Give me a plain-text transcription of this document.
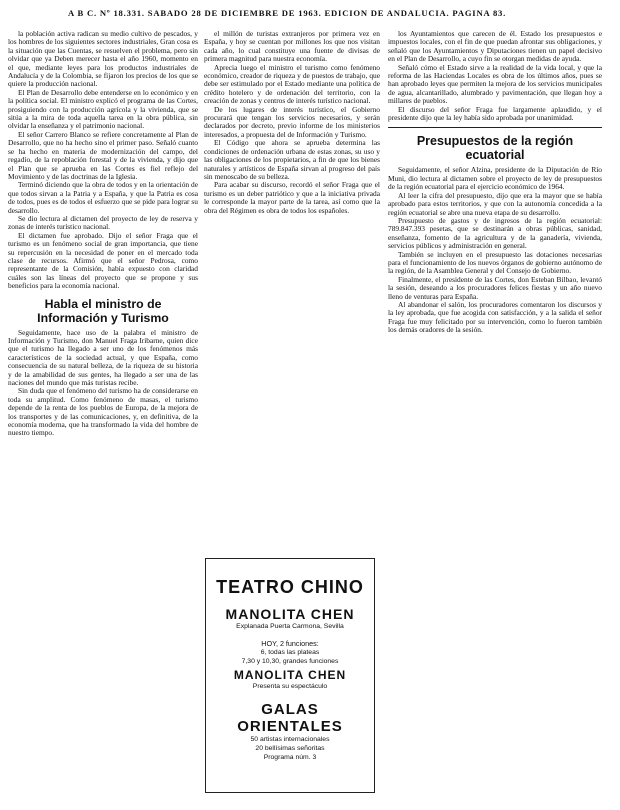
A B C. Nº 18.331. SABADO 28 DE DICIEMBRE DE 1963. EDICION DE ANDALUCIA. PAGINA 83.

la población activa radican su medio cultivo de pescados, y los hombres de los siguientes sectores industriales, Gran cosa es la situación que las Cuentas, se resuelven el problema, pero sin olvidar que ya Deben merecer hasta el año 1960, momento en el que, mediante leyes para los productos industriales de Andalucía y de la Colombia, se fijaron los precios de los que se quiere la producción nacional.

El Plan de Desarrollo debe entenderse en lo económico y en la política social. El ministro explicó el programa de las Cortes, prosiguiendo con la producción agrícola y la vivienda, que se sitúa a la mira de toda aquella tarea en la obra pública, sin olvidar la enseñanza y el patrimonio nacional.

El señor Carrero Blanco se refiere concretamente al Plan de Desarrollo, que no ha hecho sino el primer paso. Señaló cuanto se ha hecho en materia de modernización del campo, del regadío, de la repoblación forestal y de la vivienda, y dijo que el Plan que se aprueba en las Cortes es fiel reflejo del Movimiento y de las doctrinas de la Iglesia.

Terminó diciendo que la obra de todos y en la orientación de que todos sirvan a la Patria y a España, y que la Patria es cosa de todos, pues es de todos el esfuerzo que se pide para lograr su desarrollo.

Se dio lectura al dictamen del proyecto de ley de reserva y zonas de interés turístico nacional.

El dictamen fue aprobado. Dijo el señor Fraga que el turismo es un fenómeno social de gran importancia, que tiene su repercusión en la necesidad de poner en el mercado toda clase de recursos. Afirmó que el señor Pedrosa, como representante de la Comisión, había expuesto con claridad cuáles son las líneas del proyecto que se propone y sus beneficios para la economía nacional.

Habla el ministro de Información y Turismo

Seguidamente, hace uso de la palabra el ministro de Información y Turismo, don Manuel Fraga Iribarne, quien dice que el turismo ha llegado a ser uno de los fenómenos más característicos de la sociedad actual, y que España, como consecuencia de su natural belleza, de la riqueza de su historia y de la amabilidad de sus gentes, ha llegado a ser una de las naciones del mundo que más turistas recibe.

Sin duda que el fenómeno del turismo ha de considerarse en toda su amplitud. Como fenómeno de masas, el turismo depende de la renta de los pueblos de Europa, de la mejora de los transportes y de las comunicaciones, y, en definitiva, de la economía moderna, que ha transformado la vida del hombre de nuestro tiempo.

el millón de turistas extranjeros por primera vez en España, y hoy se cuentan por millones los que nos visitan cada año, lo cual constituye una fuente de divisas de primera magnitud para nuestra economía.

Aprecia luego el ministro el turismo como fenómeno económico, creador de riqueza y de puestos de trabajo, que debe ser estimulado por el Estado mediante una política de crédito hotelero y de ordenación del territorio, con la creación de zonas y centros de interés turístico nacional.

De los lugares de interés turístico, el Gobierno procurará que tengan los servicios necesarios, y serán declarados por decreto, previo informe de los ministerios interesados, a propuesta del de Información y Turismo.

El Código que ahora se aprueba determina las condiciones de ordenación urbana de estas zonas, su uso y las obligaciones de los propietarios, a fin de que los bienes naturales y artísticos de España sirvan al progreso del país sin menoscabo de su belleza.

Para acabar su discurso, recordó el señor Fraga que el turismo es un deber patriótico y que a la iniciativa privada le corresponde la mayor parte de la tarea, así como que la obra del Régimen es obra de todos los españoles.

TEATRO CHINO
MANOLITA CHEN
Explanada Puerta Carmona, Sevilla
HOY, 2 funciones:
6, todas las plateas
7,30 y 10,30, grandes funciones
MANOLITA CHEN
Presenta su espectáculo
GALAS ORIENTALES
50 artistas internacionales
20 bellísimas señoritas
Programa núm. 3

los Ayuntamientos que carecen de él. Estado los presupuestos e impuestos locales, con el fin de que puedan afrontar sus obligaciones, y señaló que los Ayuntamientos y Diputaciones tienen un papel decisivo en el Plan de Desarrollo, a cuyo fin se otorgan medidas de ayuda.

Señaló cómo el Estado sirve a la realidad de la vida local, y que la reforma de las Haciendas Locales es obra de los últimos años, pues se han aprobado leyes que permiten la mejora de los servicios municipales de agua, alcantarillado, alumbrado y pavimentación, que llegan hoy a millares de pueblos.

El discurso del señor Fraga fue largamente aplaudido, y el presidente dijo que la ley había sido aprobada por unanimidad.

Presupuestos de la región ecuatorial

Seguidamente, el señor Alzina, presidente de la Diputación de Río Muni, dio lectura al dictamen sobre el proyecto de ley de presupuestos de la región ecuatorial para el ejercicio económico de 1964.

Al leer la cifra del presupuesto, dijo que era la mayor que se había aprobado para estos territorios, y que con la autonomía concedida a la región ecuatorial se abre una nueva etapa de su desarrollo.

Presupuesto de gastos y de ingresos de la región ecuatorial: 789.847.393 pesetas, que se destinarán a obras públicas, sanidad, enseñanza, fomento de la agricultura y de la ganadería, vivienda, servicios públicos y administración en general.

También se incluyen en el presupuesto las dotaciones necesarias para el funcionamiento de los nuevos órganos de gobierno autónomo de la región, de la Asamblea General y del Consejo de Gobierno.

Finalmente, el presidente de las Cortes, don Esteban Bilbao, levantó la sesión, deseando a los procuradores felices fiestas y un año nuevo lleno de venturas para España.

Al abandonar el salón, los procuradores comentaron los discursos y la ley aprobada, que fue acogida con satisfacción, y a la salida el señor Fraga fue muy felicitado por su intervención, como lo fueron también los demás oradores de la sesión.
